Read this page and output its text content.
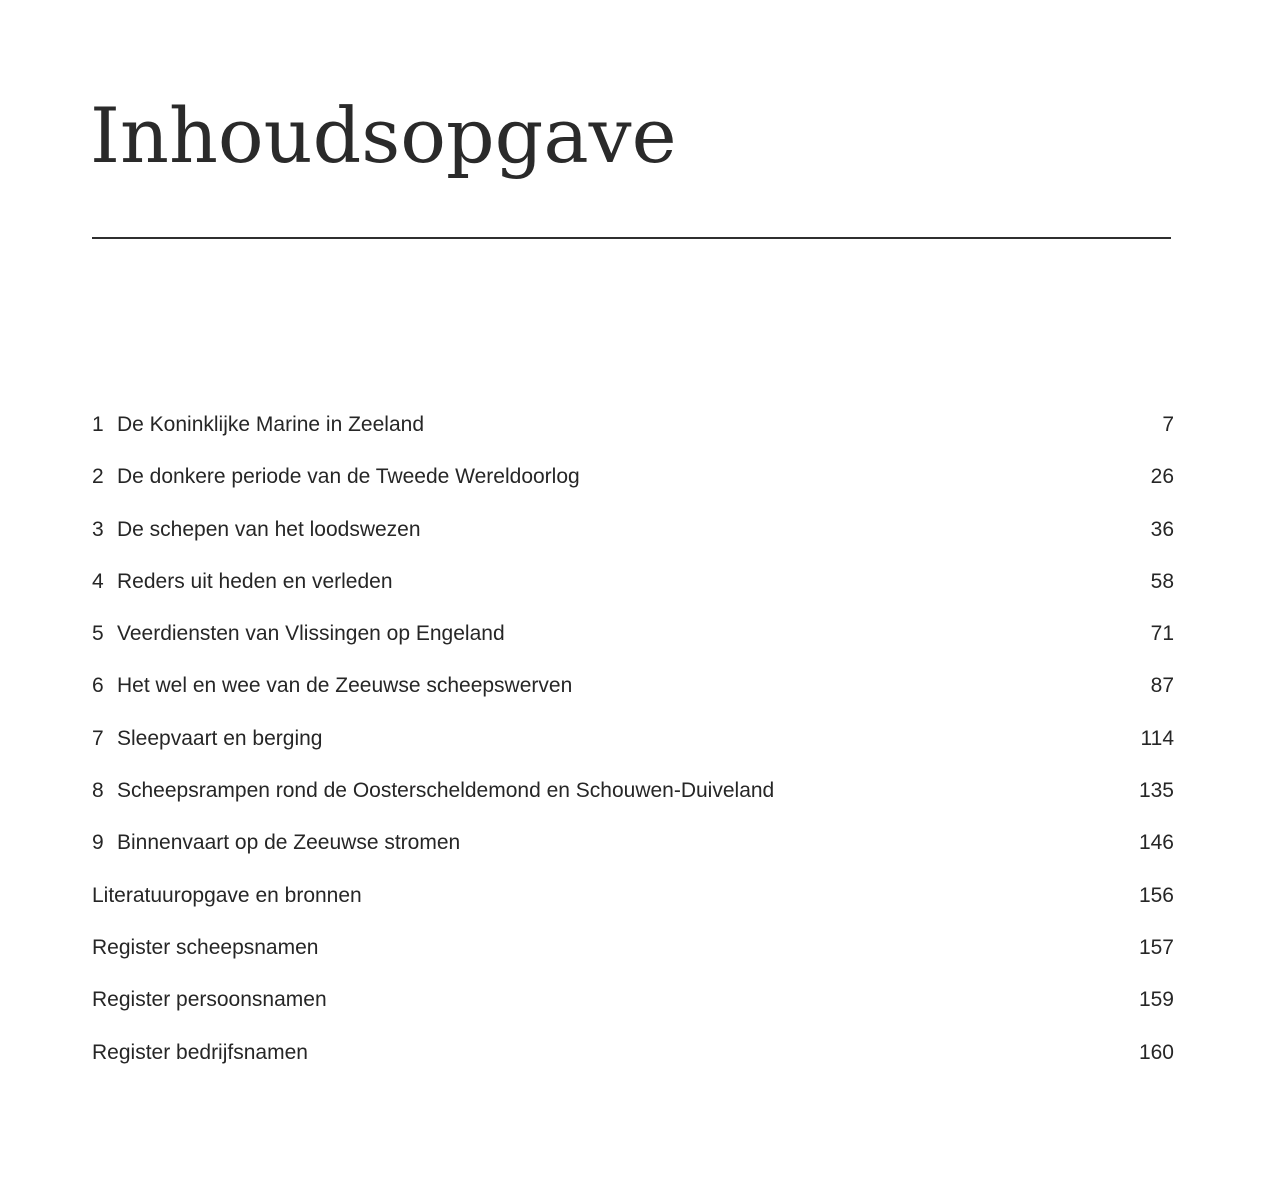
Inhoudsopgave
1 De Koninklijke Marine in Zeeland	7
2 De donkere periode van de Tweede Wereldoorlog	26
3 De schepen van het loodswezen	36
4 Reders uit heden en verleden	58
5 Veerdiensten van Vlissingen op Engeland	71
6 Het wel en wee van de Zeeuwse scheepswerven	87
7 Sleepvaart en berging	114
8 Scheepsrampen rond de Oosterscheldemond en Schouwen-Duiveland	135
9 Binnenvaart op de Zeeuwse stromen	146
Literatuuropgave en bronnen	156
Register scheepsnamen	157
Register persoonsnamen	159
Register bedrijfsnamen	160
